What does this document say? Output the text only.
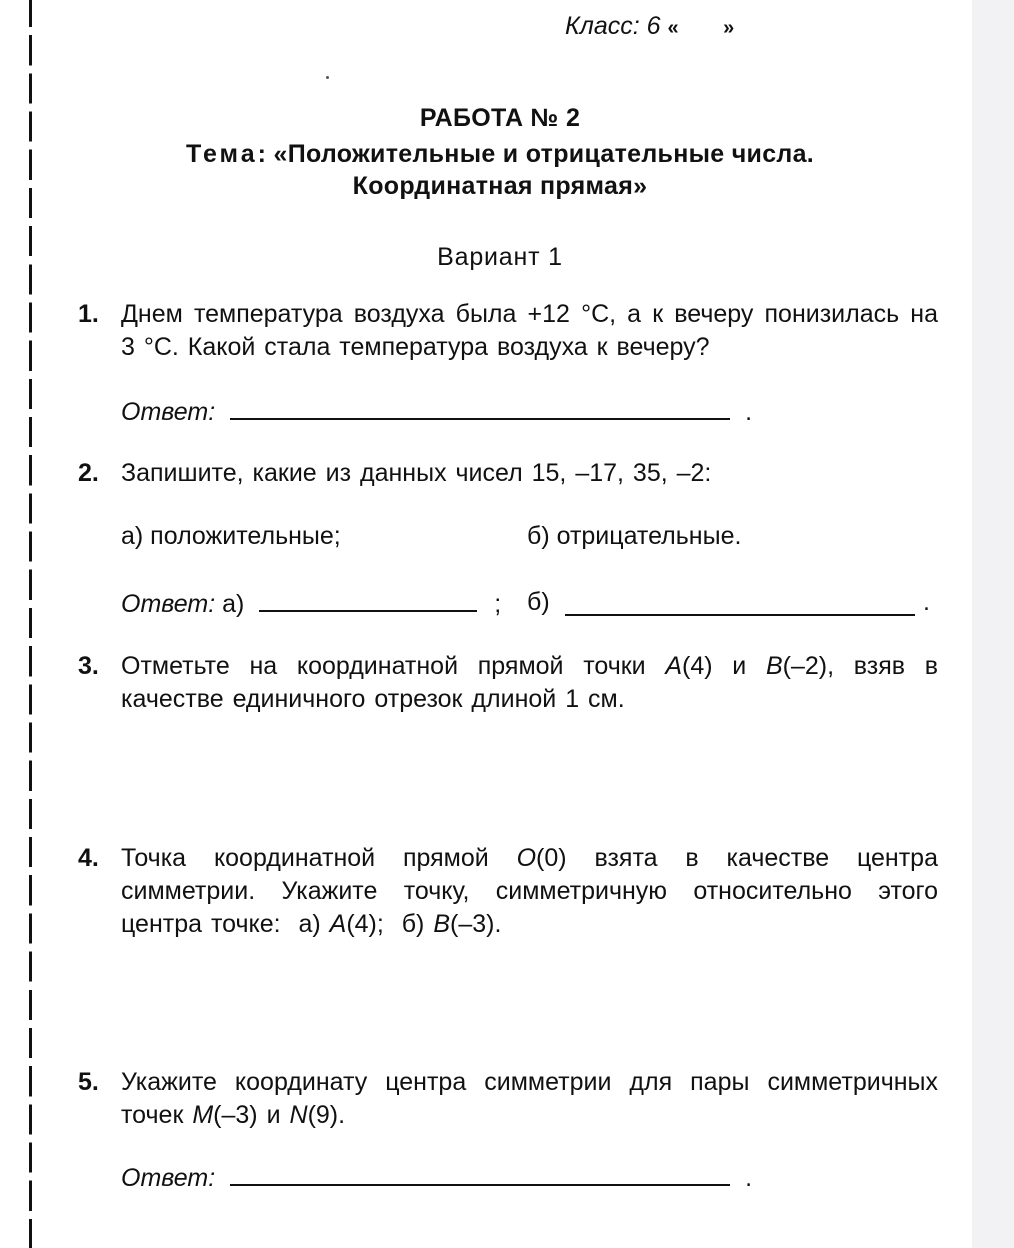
Класс: 6 «        »
РАБОТА № 2
Тема: «Положительные и отрицательные числа.
Координатная прямая»
Вариант 1
1. Днем температура воздуха была +12 °С, а к вечеру понизилась на 3 °С. Какой стала температура воздуха к вечеру?
Ответ:	.
2. Запишите, какие из данных чисел 15, –17, 35, –2:
а) положительные;	б) отрицательные.
Ответ: а)	; б)	.
3. Отметьте на координатной прямой точки A(4) и B(–2), взяв в качестве единичного отрезок длиной 1 см.
4. Точка координатной прямой O(0) взята в качестве центра симметрии. Укажите точку, симметричную относительно этого центра точке:  а) A(4);  б) B(–3).
5. Укажите координату центра симметрии для пары симметричных точек M(–3) и N(9).
Ответ:	.
